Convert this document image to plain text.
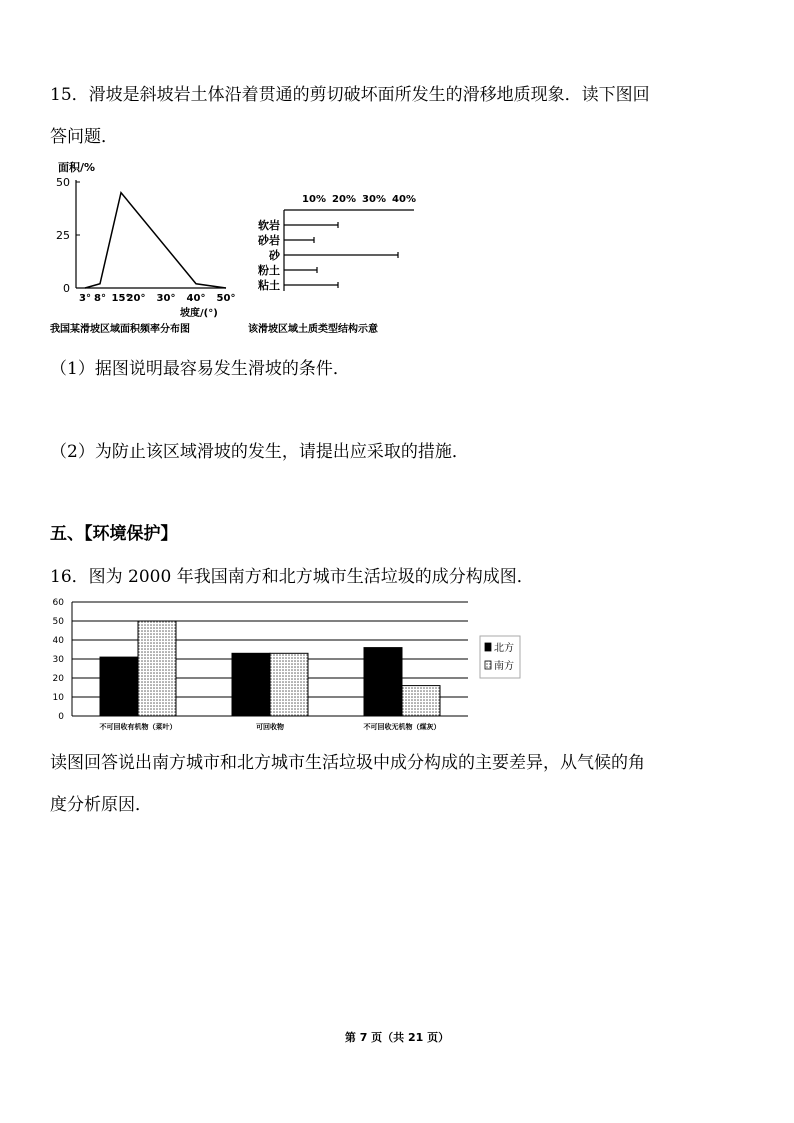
15．滑坡是斜坡岩土体沿着贯通的剪切破坏面所发生的滑移地质现象．读下图回
答问题．
面积/%
0
25
50
3° 8° 15°
20° 30° 40° 50°
坡度/(°)
我国某滑坡区域面积频率分布图
10% 20% 30% 40%
软岩
砂岩
砂
粉土
粘土
该滑坡区域土质类型结构示意
（1）据图说明最容易发生滑坡的条件．
（2）为防止该区域滑坡的发生，请提出应采取的措施．
五、【环境保护】
16．图为 2000 年我国南方和北方城市生活垃圾的成分构成图．
0
10
20
30
40
50
60
不可回收有机物（菜叶）	可回收物	不可回收无机物（煤灰）
北方
南方
读图回答说出南方城市和北方城市生活垃圾中成分构成的主要差异，从气候的角
度分析原因．
第 7 页（共 21 页）
